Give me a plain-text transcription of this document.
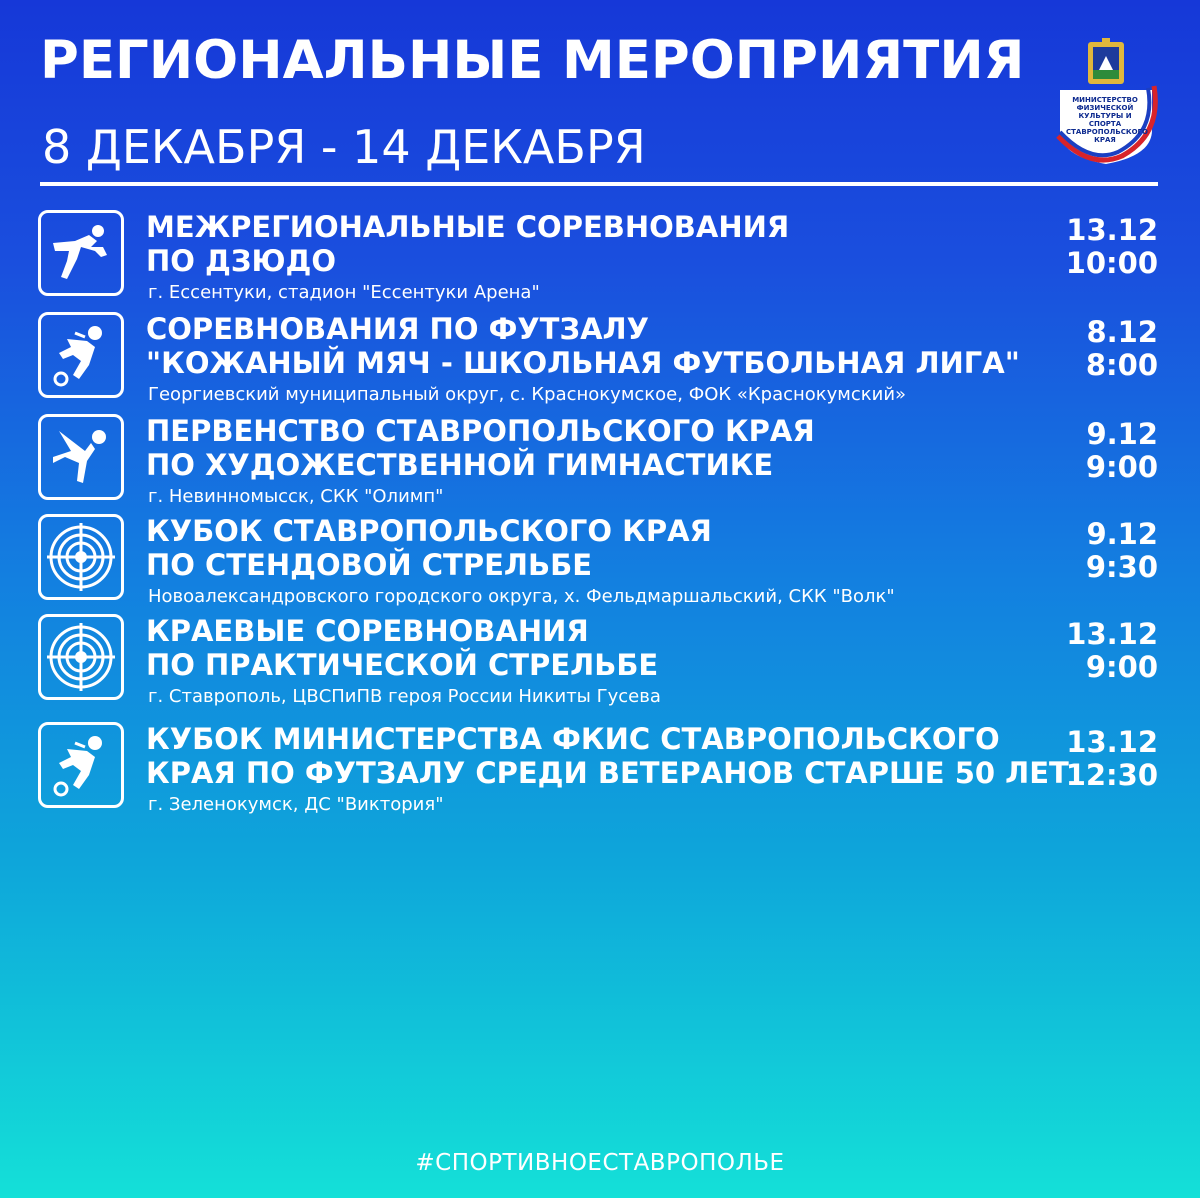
РЕГИОНАЛЬНЫЕ МЕРОПРИЯТИЯ
8 ДЕКАБРЯ - 14 ДЕКАБРЯ
МИНИСТЕРСТВО ФИЗИЧЕСКОЙ КУЛЬТУРЫ И СПОРТА СТАВРОПОЛЬСКОГО КРАЯ
МЕЖРЕГИОНАЛЬНЫЕ СОРЕВНОВАНИЯ
ПО ДЗЮДО
г. Ессентуки, стадион "Ессентуки Арена"
13.12
10:00
СОРЕВНОВАНИЯ ПО ФУТЗАЛУ
"КОЖАНЫЙ МЯЧ - ШКОЛЬНАЯ ФУТБОЛЬНАЯ ЛИГА"
Георгиевский муниципальный округ, с. Краснокумское, ФОК «Краснокумский»
8.12
8:00
ПЕРВЕНСТВО СТАВРОПОЛЬСКОГО КРАЯ
ПО ХУДОЖЕСТВЕННОЙ ГИМНАСТИКЕ
г. Невинномысск, СКК "Олимп"
9.12
9:00
КУБОК СТАВРОПОЛЬСКОГО КРАЯ
ПО СТЕНДОВОЙ СТРЕЛЬБЕ
Новоалександровского городского округа, х. Фельдмаршальский, СКК "Волк"
9.12
9:30
КРАЕВЫЕ СОРЕВНОВАНИЯ
ПО ПРАКТИЧЕСКОЙ СТРЕЛЬБЕ
г. Ставрополь, ЦВСПиПВ героя России Никиты Гусева
13.12
9:00
КУБОК МИНИСТЕРСТВА ФКИС СТАВРОПОЛЬСКОГО
КРАЯ ПО ФУТЗАЛУ СРЕДИ ВЕТЕРАНОВ СТАРШЕ 50 ЛЕТ
г. Зеленокумск, ДС "Виктория"
13.12
12:30
#СПОРТИВНОЕСТАВРОПОЛЬЕ
